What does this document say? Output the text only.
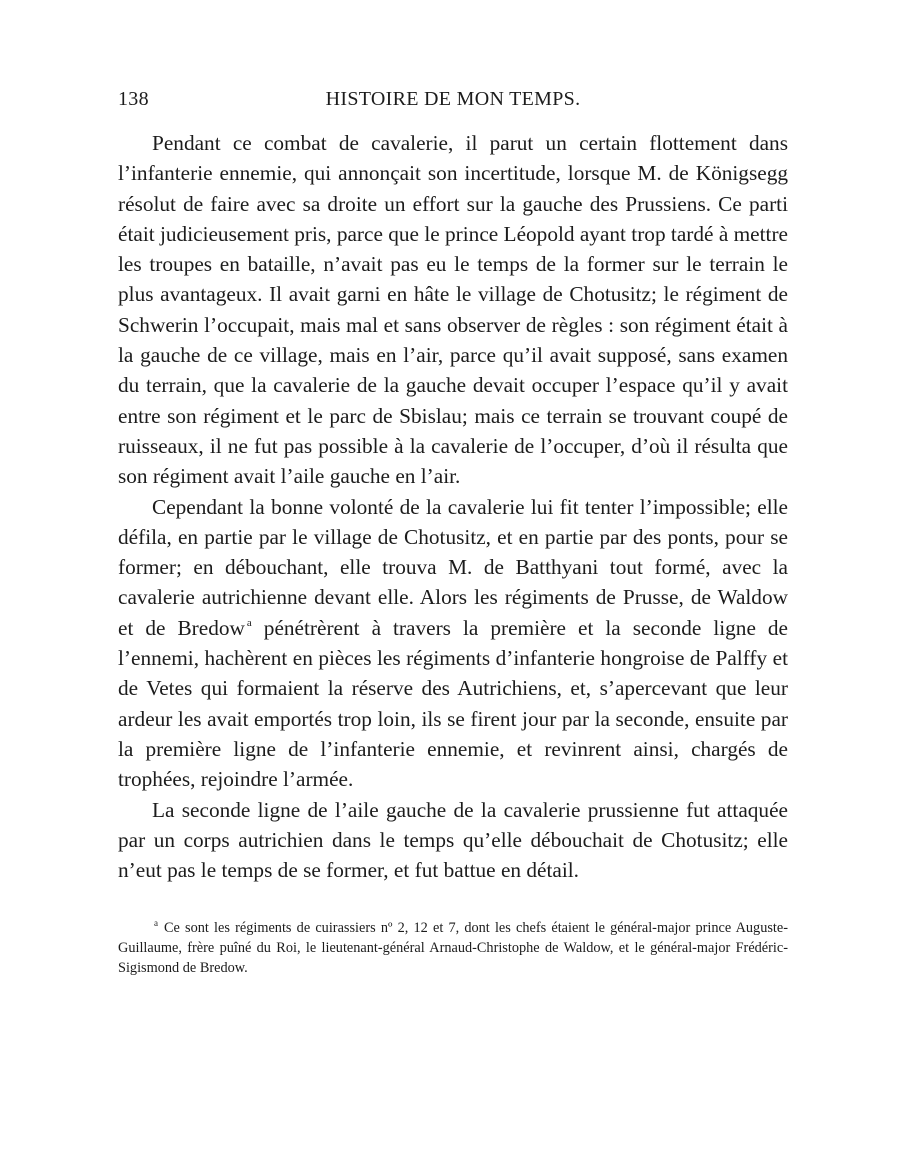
138	HISTOIRE DE MON TEMPS.

Pendant ce combat de cavalerie, il parut un certain flottement dans l’infanterie ennemie, qui annonçait son incertitude, lorsque M. de Königsegg résolut de faire avec sa droite un effort sur la gauche des Prussiens. Ce parti était judicieusement pris, parce que le prince Léopold ayant trop tardé à mettre les troupes en bataille, n’avait pas eu le temps de la former sur le terrain le plus avantageux. Il avait garni en hâte le village de Chotusitz; le régiment de Schwerin l’occupait, mais mal et sans observer de règles : son régiment était à la gauche de ce village, mais en l’air, parce qu’il avait supposé, sans examen du terrain, que la cavalerie de la gauche devait occuper l’espace qu’il y avait entre son régiment et le parc de Sbislau; mais ce terrain se trouvant coupé de ruisseaux, il ne fut pas possible à la cavalerie de l’occuper, d’où il résulta que son régiment avait l’aile gauche en l’air.

Cependant la bonne volonté de la cavalerie lui fit tenter l’impossible; elle défila, en partie par le village de Chotusitz, et en partie par des ponts, pour se former; en débouchant, elle trouva M. de Batthyani tout formé, avec la cavalerie autrichienne devant elle. Alors les régiments de Prusse, de Waldow et de Bredow $^a$ pénétrèrent à travers la première et la seconde ligne de l’ennemi, hachèrent en pièces les régiments d’infanterie hongroise de Palffy et de Vetes qui formaient la réserve des Autrichiens, et, s’apercevant que leur ardeur les avait emportés trop loin, ils se firent jour par la seconde, ensuite par la première ligne de l’infanterie ennemie, et revinrent ainsi, chargés de trophées, rejoindre l’armée.

La seconde ligne de l’aile gauche de la cavalerie prussienne fut attaquée par un corps autrichien dans le temps qu’elle débouchait de Chotusitz; elle n’eut pas le temps de se former, et fut battue en détail.

$^a$ Ce sont les régiments de cuirassiers nº 2, 12 et 7, dont les chefs étaient le général-major prince Auguste-Guillaume, frère puîné du Roi, le lieutenant-général Arnaud-Christophe de Waldow, et le général-major Frédéric-Sigismond de Bredow.
